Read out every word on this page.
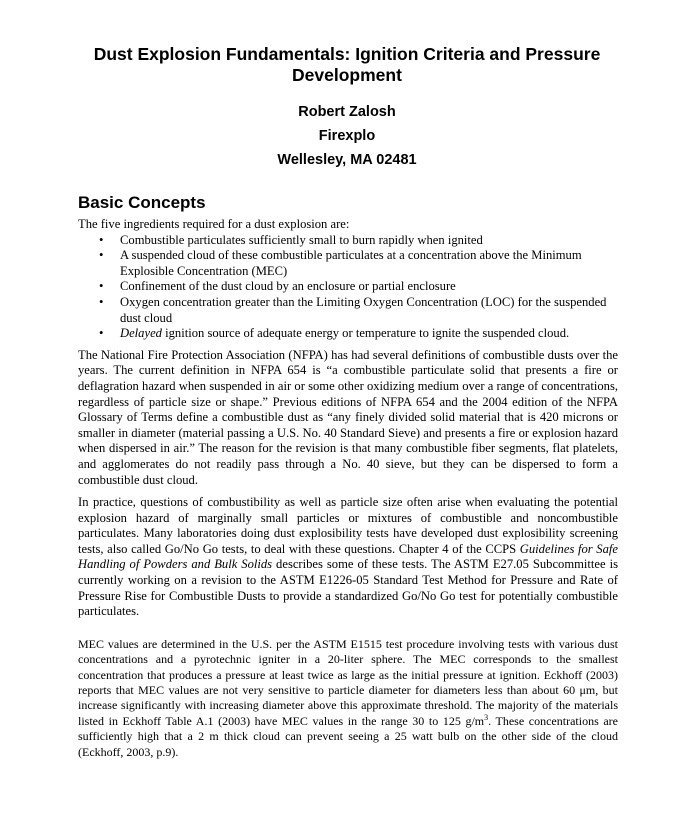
Dust Explosion Fundamentals: Ignition Criteria and Pressure Development
Robert Zalosh
Firexplo
Wellesley, MA 02481
Basic Concepts

The five ingredients required for a dust explosion are:

• Combustible particulates sufficiently small to burn rapidly when ignited
• A suspended cloud of these combustible particulates at a concentration above the Minimum Explosible Concentration (MEC)
• Confinement of the dust cloud by an enclosure or partial enclosure
• Oxygen concentration greater than the Limiting Oxygen Concentration (LOC) for the suspended dust cloud
• Delayed ignition source of adequate energy or temperature to ignite the suspended cloud.

The National Fire Protection Association (NFPA) has had several definitions of combustible dusts over the years. The current definition in NFPA 654 is “a combustible particulate solid that presents a fire or deflagration hazard when suspended in air or some other oxidizing medium over a range of concentrations, regardless of particle size or shape.” Previous editions of NFPA 654 and the 2004 edition of the NFPA Glossary of Terms define a combustible dust as “any finely divided solid material that is 420 microns or smaller in diameter (material passing a U.S. No. 40 Standard Sieve) and presents a fire or explosion hazard when dispersed in air.” The reason for the revision is that many combustible fiber segments, flat platelets, and agglomerates do not readily pass through a No. 40 sieve, but they can be dispersed to form a combustible dust cloud.

In practice, questions of combustibility as well as particle size often arise when evaluating the potential explosion hazard of marginally small particles or mixtures of combustible and noncombustible particulates. Many laboratories doing dust explosibility tests have developed dust explosibility screening tests, also called Go/No Go tests, to deal with these questions. Chapter 4 of the CCPS Guidelines for Safe Handling of Powders and Bulk Solids describes some of these tests. The ASTM E27.05 Subcommittee is currently working on a revision to the ASTM E1226-05 Standard Test Method for Pressure and Rate of Pressure Rise for Combustible Dusts to provide a standardized Go/No Go test for potentially combustible particulates.

MEC values are determined in the U.S. per the ASTM E1515 test procedure involving tests with various dust concentrations and a pyrotechnic igniter in a 20-liter sphere. The MEC corresponds to the smallest concentration that produces a pressure at least twice as large as the initial pressure at ignition. Eckhoff (2003) reports that MEC values are not very sensitive to particle diameter for diameters less than about 60 μm, but increase significantly with increasing diameter above this approximate threshold. The majority of the materials listed in Eckhoff Table A.1 (2003) have MEC values in the range 30 to 125 $g/m^3$. These concentrations are sufficiently high that a 2 m thick cloud can prevent seeing a 25 watt bulb on the other side of the cloud (Eckhoff, 2003, p.9).
